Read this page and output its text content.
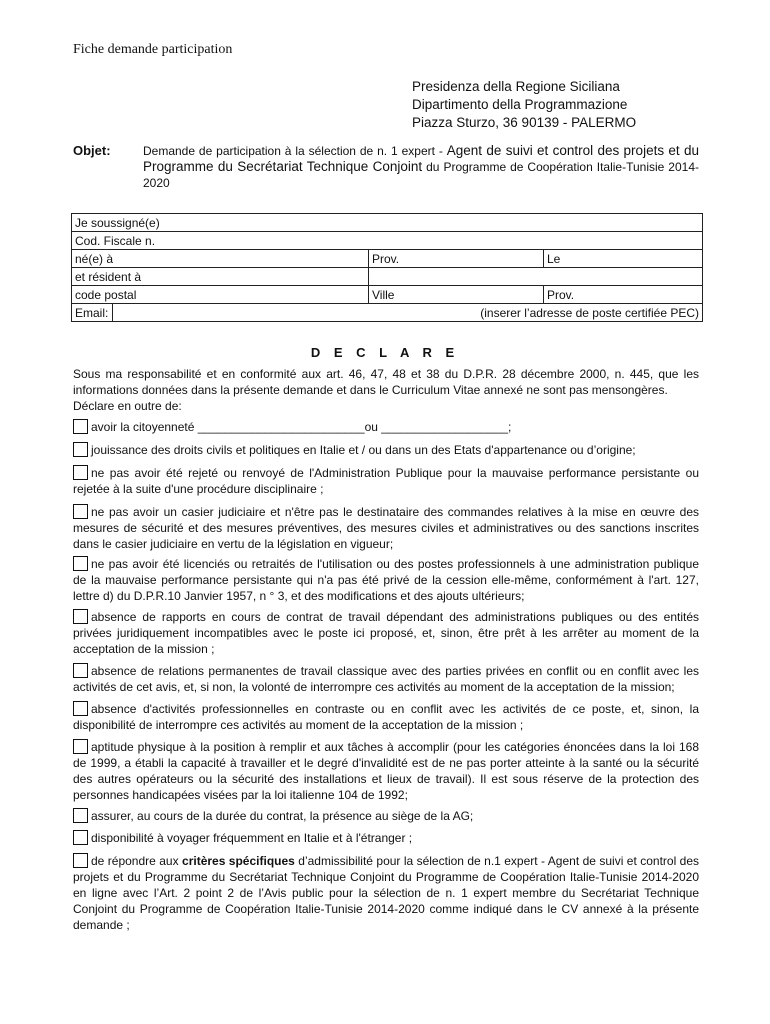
Fiche demande participation
Presidenza della Regione Siciliana
Dipartimento della Programmazione
Piazza Sturzo, 36 90139 - PALERMO
Objet:	Demande de participation à la sélection de n. 1 expert - Agent de suivi et control des projets et du Programme du Secrétariat Technique Conjoint du Programme de Coopération Italie-Tunisie 2014-2020
Je soussigné(e)			
Cod. Fiscale n.			
né(e) à		Prov.	Le
et résident à			
code postal		Ville	Prov.
Email:	(inserer l’adresse de poste certifiée PEC)		
D E C L A R E
Sous ma responsabilité et en conformité aux art. 46, 47, 48 et 38 du D.P.R. 28 décembre 2000, n. 445, que les informations données dans la présente demande et dans le Curriculum Vitae annexé ne sont pas mensongères.
Déclare en outre de:
avoir la citoyenneté _________________________ou ___________________;
jouissance des droits civils et politiques en Italie et / ou dans un des Etats d'appartenance ou d’origine;
ne pas avoir été rejeté ou renvoyé de l'Administration Publique pour la mauvaise performance persistante ou rejetée à la suite d'une procédure disciplinaire ;
ne pas avoir un casier judiciaire et n'être pas le destinataire des commandes relatives à la mise en œuvre des mesures de sécurité et des mesures préventives, des mesures civiles et administratives ou des sanctions inscrites dans le casier judiciaire en vertu de la législation en vigueur;
ne pas avoir été licenciés ou retraités de l'utilisation ou des postes professionnels à une administration publique de la mauvaise performance persistante qui n'a pas été privé de la cession elle-même, conformément à l'art. 127, lettre d) du D.P.R.10 Janvier 1957, n ° 3, et des modifications et des ajouts ultérieurs;
absence de rapports en cours de contrat de travail dépendant des administrations publiques ou des entités privées juridiquement incompatibles avec le poste ici proposé, et, sinon, être prêt à les arrêter au moment de la acceptation de la mission ;
absence de relations permanentes de travail classique avec des parties privées en conflit ou en conflit avec les activités de cet avis, et, si non, la volonté de interrompre ces activités au moment de la acceptation de la mission;
absence d'activités professionnelles en contraste ou en conflit avec les activités de ce poste, et, sinon, la disponibilité de interrompre ces activités au moment de la acceptation de la mission ;
aptitude physique à la position à remplir et aux tâches à accomplir (pour les catégories énoncées dans la loi 168 de 1999, a établi la capacité à travailler et le degré d'invalidité est de ne pas porter atteinte à la santé ou la sécurité des autres opérateurs ou la sécurité des installations et lieux de travail). Il est sous réserve de la protection des personnes handicapées visées par la loi italienne 104 de 1992;
assurer, au cours de la durée du contrat, la présence au siège de la AG;
disponibilité à voyager fréquemment en Italie et à l'étranger ;
de répondre aux critères spécifiques d’admissibilité pour la sélection de n.1 expert - Agent de suivi et control des projets et du Programme du Secrétariat Technique Conjoint du Programme de Coopération Italie-Tunisie 2014-2020 en ligne avec l’Art. 2 point 2 de l’Avis public pour la sélection de n. 1 expert membre du Secrétariat Technique Conjoint du Programme de Coopération Italie-Tunisie 2014-2020 comme indiqué dans le CV annexé à la présente demande ;
